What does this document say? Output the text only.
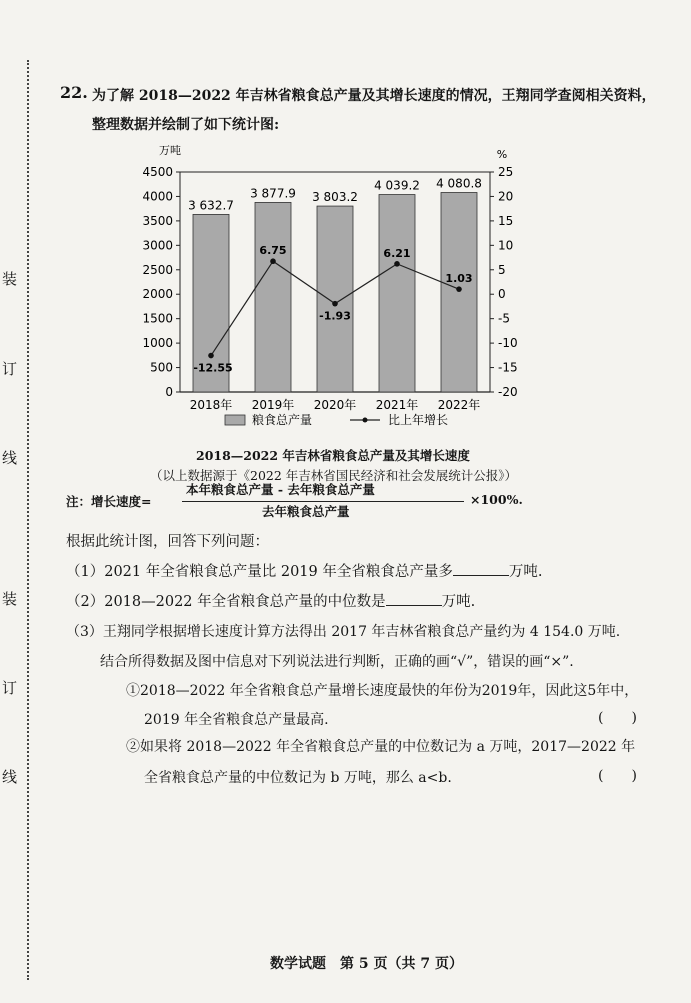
装
订
线
装
订
线
22. 为了解 2018—2022 年吉林省粮食总产量及其增长速度的情况，王翔同学查阅相关资料，
整理数据并绘制了如下统计图:
0
500
1000
1500
2000
2500
3000
3500
4000
4500
-20
-15
-10
-5
0
5
10
15
20
25
万吨	%
3 632.7
2018年
3 877.9
2019年
3 803.2
2020年
4 039.2
2021年
4 080.8
2022年
-12.55
6.75
-1.93
6.21
1.03
粮食总产量	比上年增长
2018—2022 年吉林省粮食总产量及其增长速度
（以上数据源于《2022 年吉林省国民经济和社会发展统计公报》）
注：增长速度=
本年粮食总产量 - 去年粮食总产量
去年粮食总产量
×100%.
根据此统计图，回答下列问题：
（1）2021 年全省粮食总产量比 2019 年全省粮食总产量多	万吨.
（2）2018—2022 年全省粮食总产量的中位数是	万吨.
（3）王翔同学根据增长速度计算方法得出 2017 年吉林省粮食总产量约为 4 154.0 万吨.
结合所得数据及图中信息对下列说法进行判断，正确的画“√”，错误的画“×”.
①2018—2022 年全省粮食总产量增长速度最快的年份为2019年，因此这5年中，
2019 年全省粮食总产量最高.	(　　)
②如果将 2018—2022 年全省粮食总产量的中位数记为 a 万吨，2017—2022 年
全省粮食总产量的中位数记为 b 万吨，那么 a<b.	(　　)
数学试题　第 5 页（共 7 页）
